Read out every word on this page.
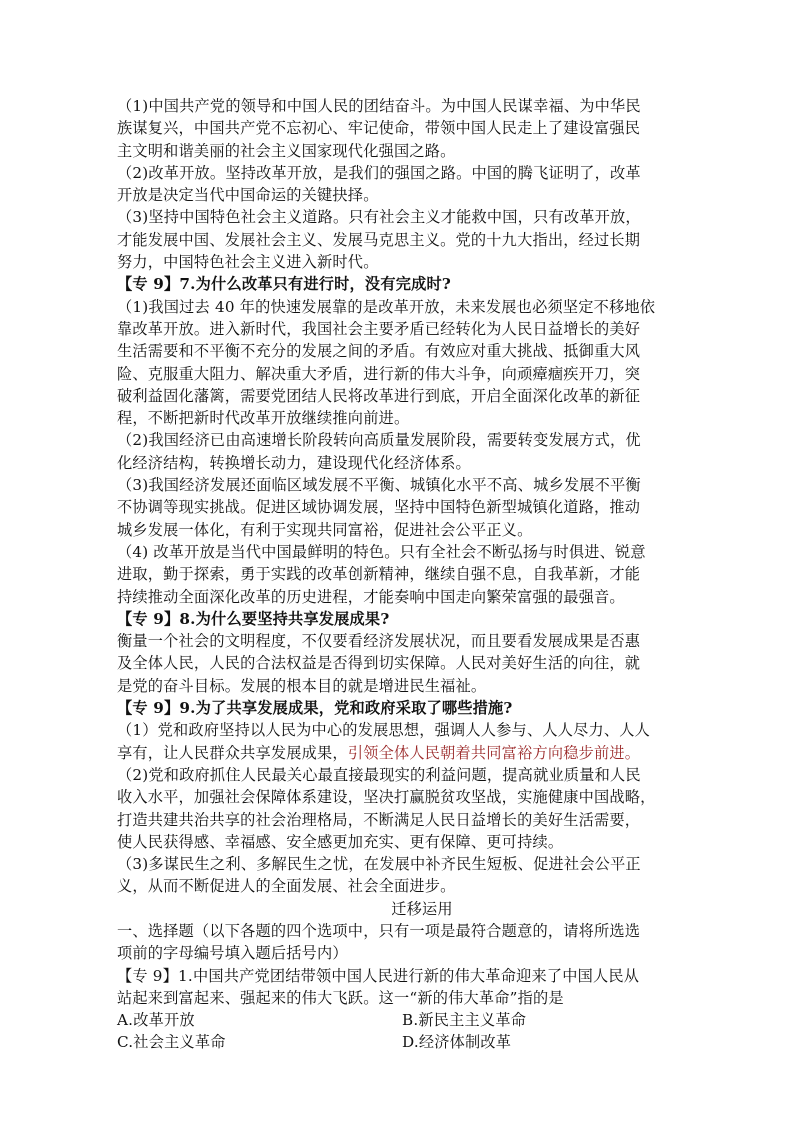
（1)中国共产党的领导和中国人民的团结奋斗。为中国人民谋幸福、为中华民
族谋复兴，中国共产党不忘初心、牢记使命，带领中国人民走上了建设富强民
主文明和谐美丽的社会主义国家现代化强国之路。
（2)改革开放。坚持改革开放，是我们的强国之路。中国的腾飞证明了，改革
开放是决定当代中国命运的关键抉择。
（3)坚持中国特色社会主义道路。只有社会主义才能救中国，只有改革开放，
才能发展中国、发展社会主义、发展马克思主义。党的十九大指出，经过长期
努力，中国特色社会主义进入新时代。
【专 9】7.为什么改革只有进行时，没有完成时?
（1)我国过去 40 年的快速发展靠的是改革开放，未来发展也必须坚定不移地依
靠改革开放。进入新时代，我国社会主要矛盾已经转化为人民日益增长的美好
生活需要和不平衡不充分的发展之间的矛盾。有效应对重大挑战、抵御重大风
险、克服重大阻力、解决重大矛盾，进行新的伟大斗争，向顽瘴痼疾开刀，突
破利益固化藩篱，需要党团结人民将改革进行到底，开启全面深化改革的新征
程，不断把新时代改革开放继续推向前进。
（2)我国经济已由高速增长阶段转向高质量发展阶段，需要转变发展方式，优
化经济结构，转换增长动力，建设现代化经济体系。
（3)我国经济发展还面临区域发展不平衡、城镇化水平不高、城乡发展不平衡
不协调等现实挑战。促进区域协调发展，坚持中国特色新型城镇化道路，推动
城乡发展一体化，有利于实现共同富裕，促进社会公平正义。
（4) 改革开放是当代中国最鲜明的特色。只有全社会不断弘扬与时俱进、锐意
进取，勤于探索，勇于实践的改革创新精神，继续自强不息，自我革新，才能
持续推动全面深化改革的历史进程，才能奏响中国走向繁荣富强的最强音。
【专 9】8.为什么要坚持共享发展成果?
衡量一个社会的文明程度，不仅要看经济发展状况，而且要看发展成果是否惠
及全体人民，人民的合法权益是否得到切实保障。人民对美好生活的向往，就
是党的奋斗目标。发展的根本目的就是增进民生福祉。
【专 9】9.为了共享发展成果，党和政府采取了哪些措施?
（1）党和政府坚持以人民为中心的发展思想，强调人人参与、人人尽力、人人
享有，让人民群众共享发展成果，引领全体人民朝着共同富裕方向稳步前进。
（2)党和政府抓住人民最关心最直接最现实的利益问题，提高就业质量和人民
收入水平，加强社会保障体系建设，坚决打赢脱贫攻坚战，实施健康中国战略，
打造共建共治共享的社会治理格局，不断满足人民日益增长的美好生活需要，
使人民获得感、幸福感、安全感更加充实、更有保障、更可持续。
（3)多谋民生之利、多解民生之忧，在发展中补齐民生短板、促进社会公平正
义，从而不断促进人的全面发展、社会全面进步。
迁移运用
一、选择题（以下各题的四个选项中，只有一项是最符合题意的，请将所选选
项前的字母编号填入题后括号内）
【专 9】1.中国共产党团结带领中国人民进行新的伟大革命迎来了中国人民从
站起来到富起来、强起来的伟大飞跃。这一“新的伟大革命”指的是
A.改革开放	B.新民主主义革命
C.社会主义革命	D.经济体制改革
